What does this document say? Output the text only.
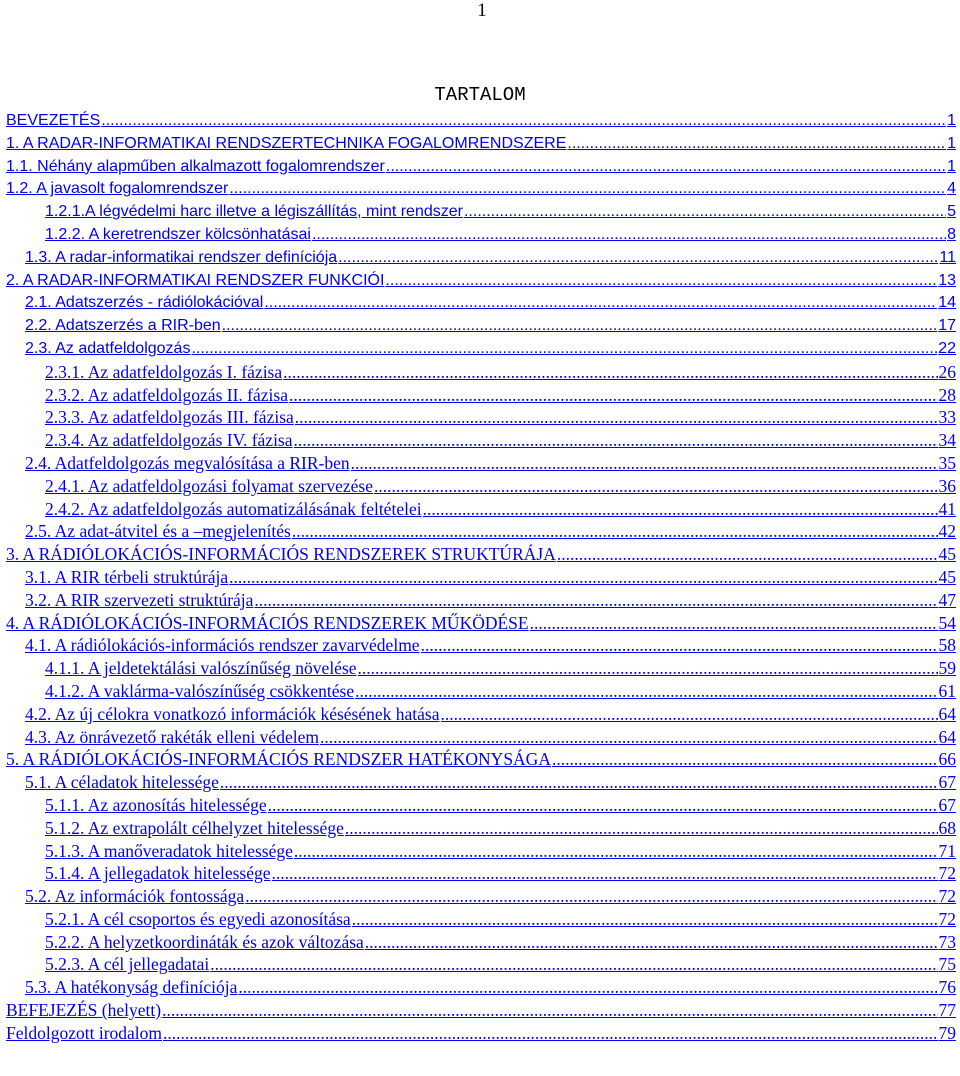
1
TARTALOM
BEVEZETÉS .....	1
1. A RADAR-INFORMATIKAI RENDSZERTECHNIKA FOGALOMRENDSZERE .....	1
1.1. Néhány alapműben alkalmazott fogalomrendszer .....	1
1.2. A javasolt fogalomrendszer .....	4
1.2.1.A légvédelmi harc illetve a légiszállítás, mint rendszer .....	5
1.2.2. A keretrendszer kölcsönhatásai .....	8
1.3. A radar-informatikai rendszer definíciója .....	11
2. A RADAR-INFORMATIKAI RENDSZER FUNKCIÓI .....	13
2.1. Adatszerzés - rádiólokációval .....	14
2.2. Adatszerzés a RIR-ben .....	17
2.3. Az adatfeldolgozás .....	22
2.3.1. Az adatfeldolgozás I. fázisa .....	26
2.3.2. Az adatfeldolgozás II. fázisa .....	28
2.3.3. Az adatfeldolgozás III. fázisa .....	33
2.3.4. Az adatfeldolgozás IV. fázisa .....	34
2.4. Adatfeldolgozás megvalósítása a RIR-ben .....	35
2.4.1. Az adatfeldolgozási folyamat szervezése .....	36
2.4.2. Az adatfeldolgozás automatizálásának feltételei .....	41
2.5. Az adat-átvitel és a –megjelenítés .....	42
3. A RÁDIÓLOKÁCIÓS-INFORMÁCIÓS RENDSZEREK STRUKTÚRÁJA .....	45
3.1. A RIR térbeli struktúrája .....	45
3.2. A RIR szervezeti struktúrája .....	47
4. A RÁDIÓLOKÁCIÓS-INFORMÁCIÓS RENDSZEREK MŰKÖDÉSE .....	54
4.1. A rádiólokációs-információs rendszer zavarvédelme .....	58
4.1.1. A jeldetektálási valószínűség növelése .....	59
4.1.2. A vaklárma-valószínűség csökkentése .....	61
4.2. Az új célokra vonatkozó információk késésének hatása .....	64
4.3. Az önrávezető rakéták elleni védelem .....	64
5. A RÁDIÓLOKÁCIÓS-INFORMÁCIÓS RENDSZER HATÉKONYSÁGA .....	66
5.1. A céladatok hitelessége .....	67
5.1.1. Az azonosítás hitelessége .....	67
5.1.2. Az extrapolált célhelyzet hitelessége .....	68
5.1.3. A manőveradatok hitelessége .....	71
5.1.4. A jellegadatok hitelessége .....	72
5.2. Az információk fontossága .....	72
5.2.1. A cél csoportos és egyedi azonosítása .....	72
5.2.2. A helyzetkoordináták és azok változása .....	73
5.2.3. A cél jellegadatai .....	75
5.3. A hatékonyság definíciója .....	76
BEFEJEZÉS (helyett) .....	77
Feldolgozott irodalom .....	79
